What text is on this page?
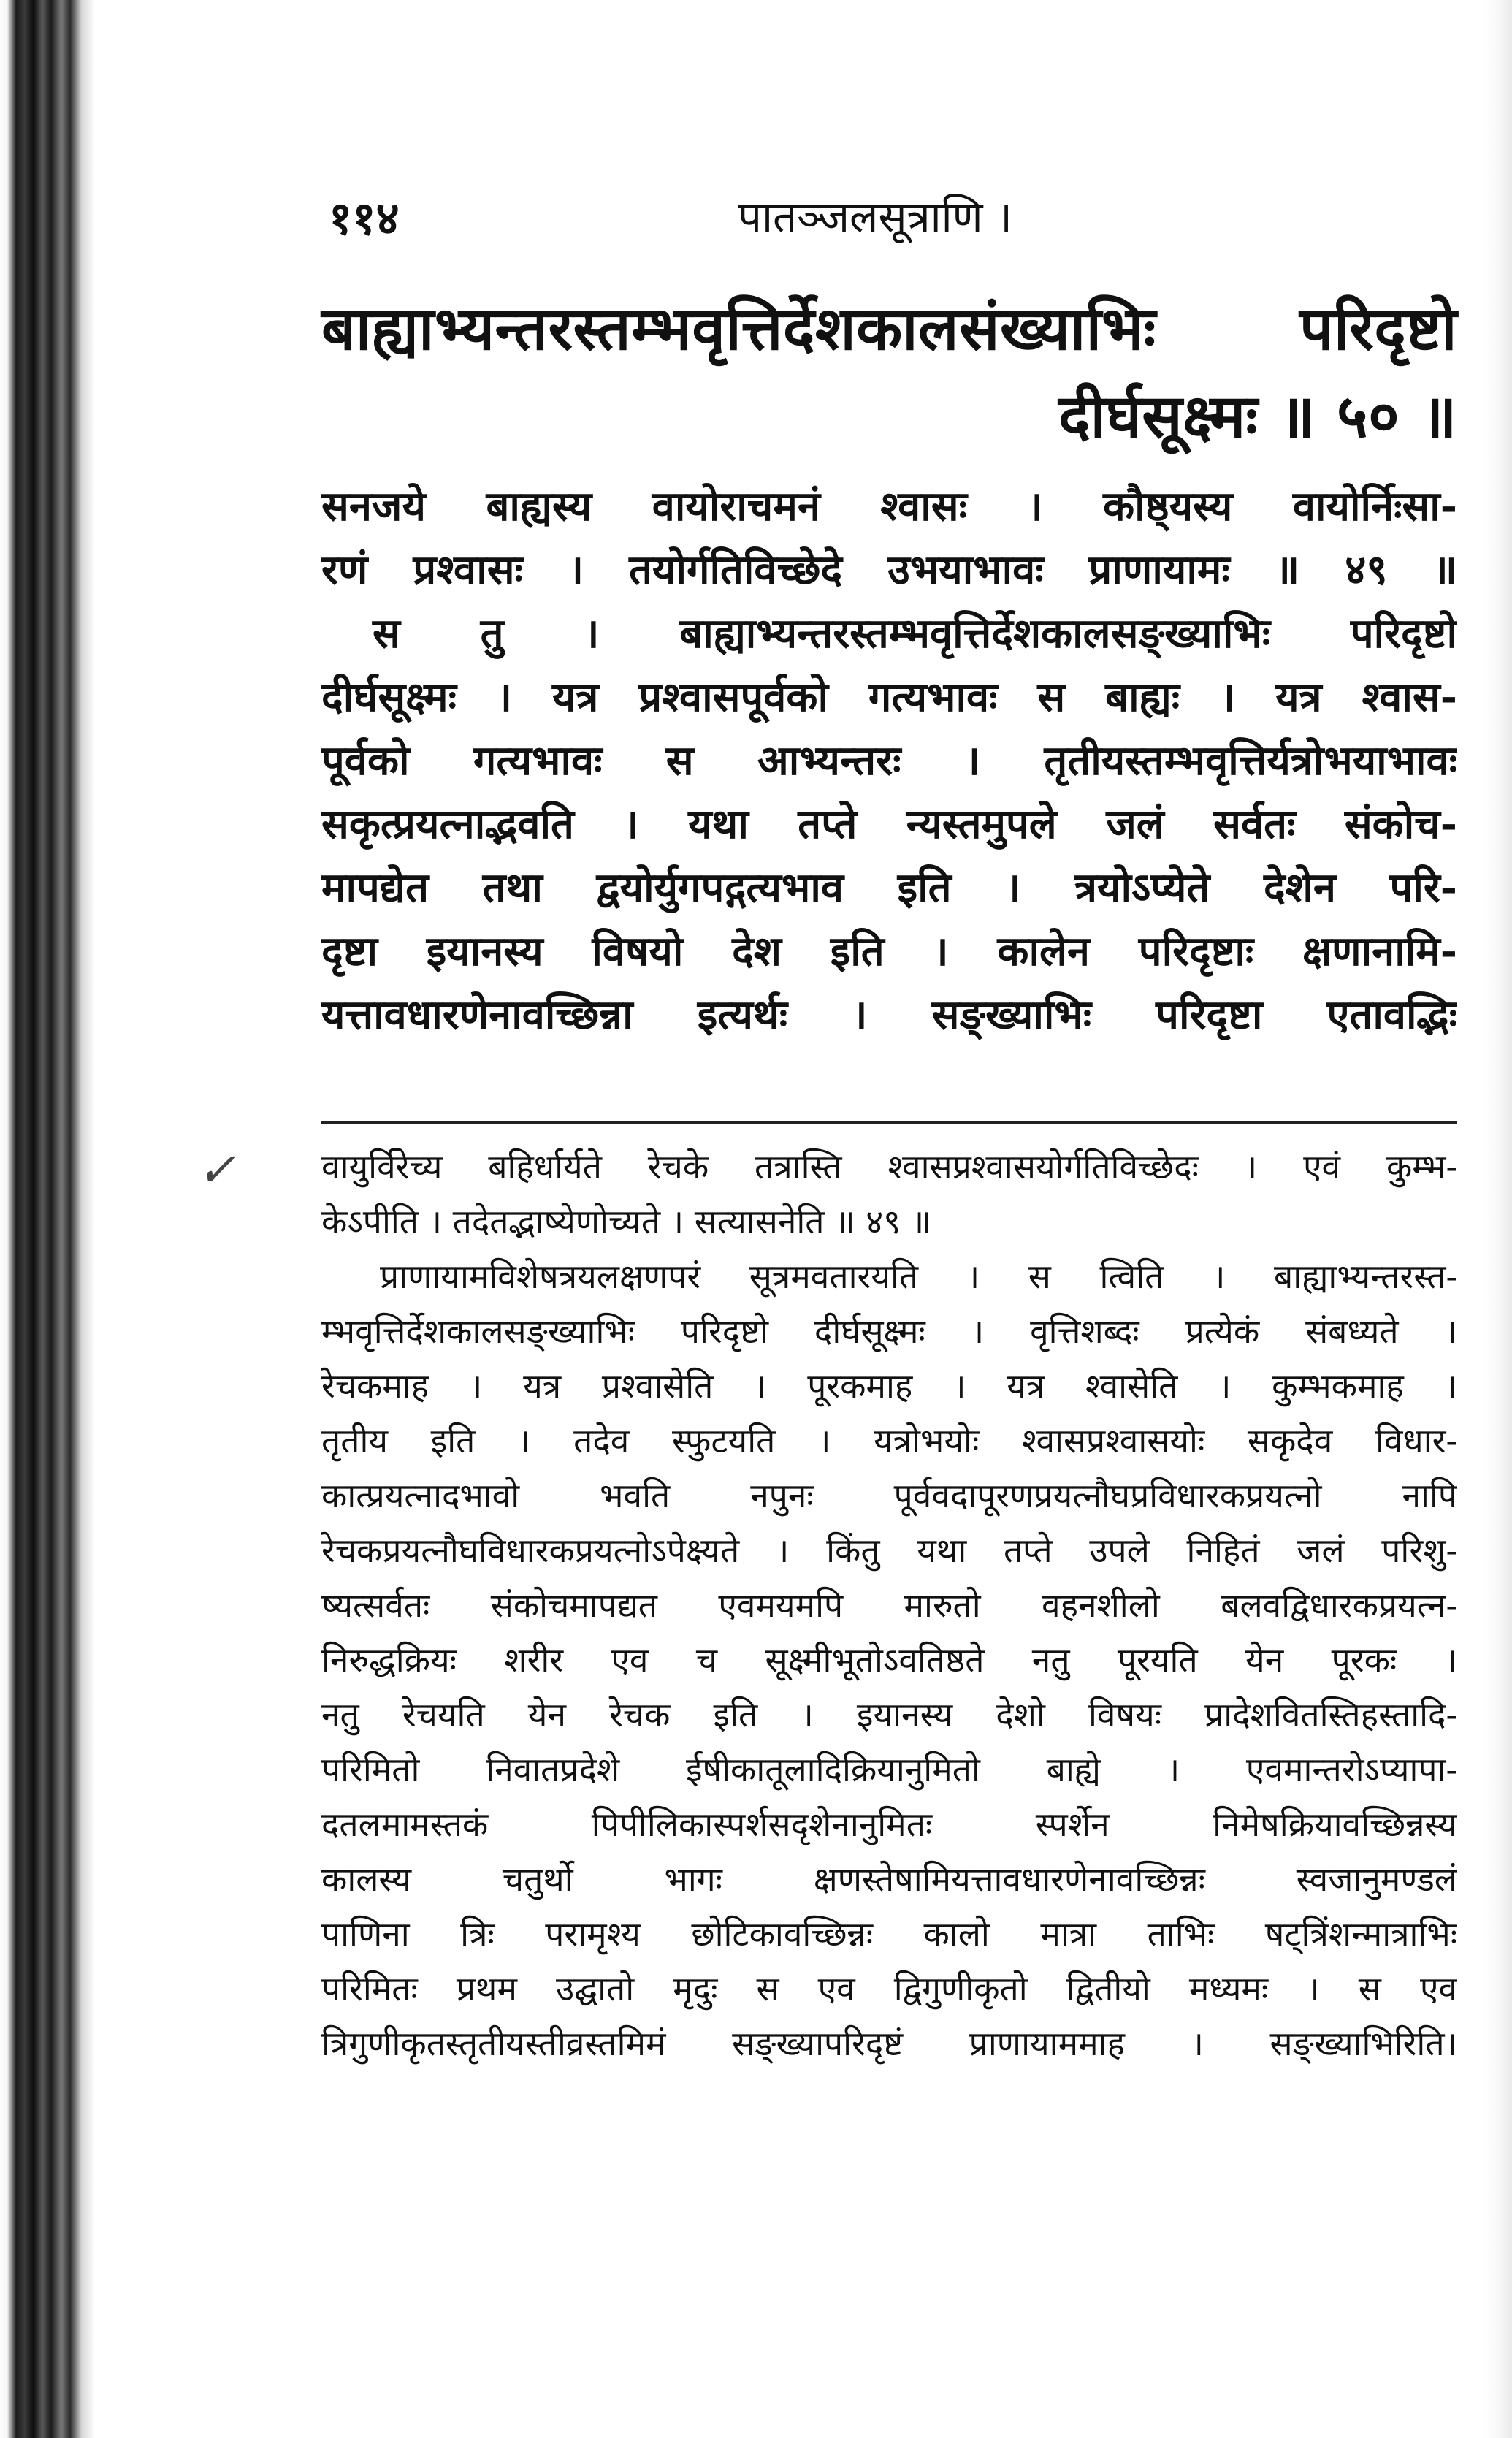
११४	पातञ्जलसूत्राणि ।
बाह्याभ्यन्तरस्तम्भवृत्तिर्देशकालसंख्याभिः परिदृष्टो
दीर्घसूक्ष्मः ॥ ५० ॥
सनजये बाह्यस्य वायोराचमनं श्वासः । कौष्ठ्यस्य वायोर्निःसा-
रणं प्रश्वासः । तयोर्गतिविच्छेदे उभयाभावः प्राणायामः ॥ ४९ ॥
स तु । बाह्याभ्यन्तरस्तम्भवृत्तिर्देशकालसङ्ख्याभिः परिदृष्टो
दीर्घसूक्ष्मः । यत्र प्रश्वासपूर्वको गत्यभावः स बाह्यः । यत्र श्वास-
पूर्वको गत्यभावः स आभ्यन्तरः । तृतीयस्तम्भवृत्तिर्यत्रोभयाभावः
सकृत्प्रयत्नाद्भवति । यथा तप्ते न्यस्तमुपले जलं सर्वतः संकोच-
मापद्येत तथा द्वयोर्युगपद्गत्यभाव इति । त्रयोऽप्येते देशेन परि-
दृष्टा इयानस्य विषयो देश इति । कालेन परिदृष्टाः क्षणानामि-
यत्तावधारणेनावच्छिन्ना इत्यर्थः । सङ्ख्याभिः परिदृष्टा एतावद्भिः
✓	वायुर्विरेच्य बहिर्धार्यते रेचके तत्रास्ति श्वासप्रश्वासयोर्गतिविच्छेदः । एवं कुम्भ-
केऽपीति । तदेतद्भाष्येणोच्यते । सत्यासनेति ॥ ४९ ॥
प्राणायामविशेषत्रयलक्षणपरं सूत्रमवतारयति । स त्विति । बाह्याभ्यन्तरस्त-
म्भवृत्तिर्देशकालसङ्ख्याभिः परिदृष्टो दीर्घसूक्ष्मः । वृत्तिशब्दः प्रत्येकं संबध्यते ।
रेचकमाह । यत्र प्रश्वासेति । पूरकमाह । यत्र श्वासेति । कुम्भकमाह ।
तृतीय इति । तदेव स्फुटयति । यत्रोभयोः श्वासप्रश्वासयोः सकृदेव विधार-
कात्प्रयत्नादभावो भवति नपुनः पूर्ववदापूरणप्रयत्नौघप्रविधारकप्रयत्नो नापि
रेचकप्रयत्नौघविधारकप्रयत्नोऽपेक्ष्यते । किंतु यथा तप्ते उपले निहितं जलं परिशु-
ष्यत्सर्वतः संकोचमापद्यत एवमयमपि मारुतो वहनशीलो बलवद्विधारकप्रयत्न-
निरुद्धक्रियः शरीर एव च सूक्ष्मीभूतोऽवतिष्ठते नतु पूरयति येन पूरकः ।
नतु रेचयति येन रेचक इति । इयानस्य देशो विषयः प्रादेशवितस्तिहस्तादि-
परिमितो निवातप्रदेशे ईषीकातूलादिक्रियानुमितो बाह्ये । एवमान्तरोऽप्यापा-
दतलमामस्तकं पिपीलिकास्पर्शसदृशेनानुमितः स्पर्शेन निमेषक्रियावच्छिन्नस्य
कालस्य चतुर्थो भागः क्षणस्तेषामियत्तावधारणेनावच्छिन्नः स्वजानुमण्डलं
पाणिना त्रिः परामृश्य छोटिकावच्छिन्नः कालो मात्रा ताभिः षट्त्रिंशन्मात्राभिः
परिमितः प्रथम उद्घातो मृदुः स एव द्विगुणीकृतो द्वितीयो मध्यमः । स एव
त्रिगुणीकृतस्तृतीयस्तीव्रस्तमिमं सङ्ख्यापरिदृष्टं प्राणायाममाह । सङ्ख्याभिरिति।
